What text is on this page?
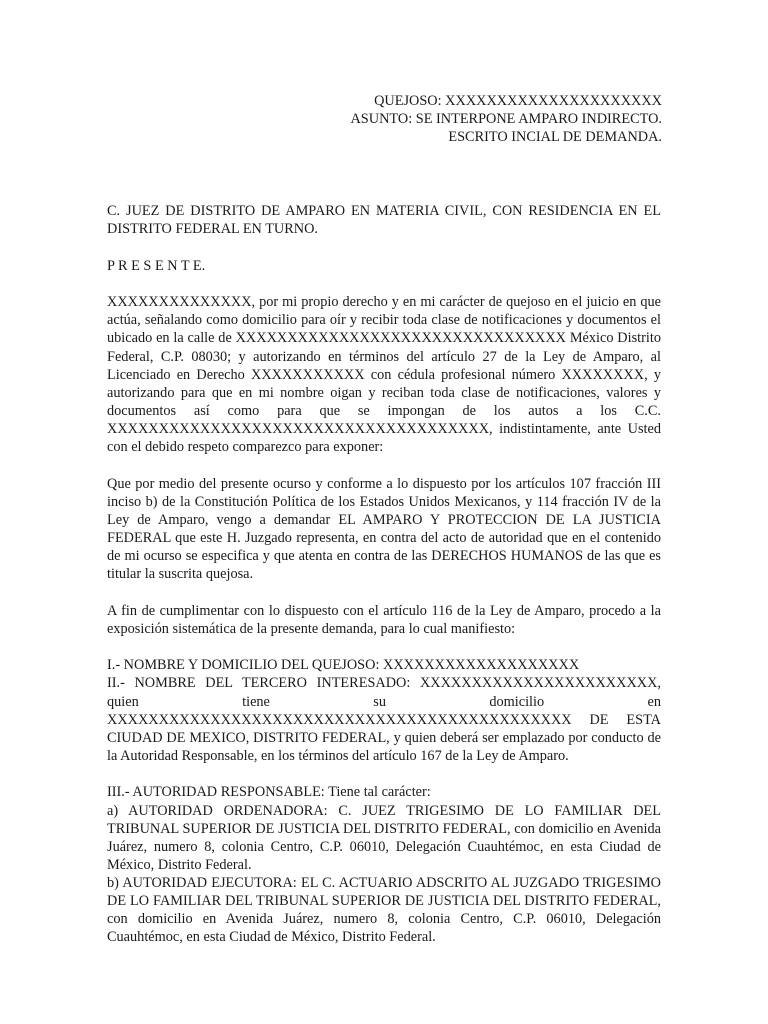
QUEJOSO: XXXXXXXXXXXXXXXXXXXXX
ASUNTO: SE INTERPONE AMPARO INDIRECTO.
ESCRITO INCIAL DE DEMANDA.

C. JUEZ DE DISTRITO DE AMPARO EN MATERIA CIVIL, CON RESIDENCIA EN EL DISTRITO FEDERAL EN TURNO.

P R E S E N T E.

XXXXXXXXXXXXXX, por mi propio derecho y en mi carácter de quejoso en el juicio en que actúa, señalando como domicilio para oír y recibir toda clase de notificaciones y documentos el ubicado en la calle de XXXXXXXXXXXXXXXXXXXXXXXXXXXXXXXX México Distrito Federal, C.P. 08030; y autorizando en términos del artículo 27 de la Ley de Amparo, al Licenciado en Derecho XXXXXXXXXXX con cédula profesional número XXXXXXXX, y autorizando para que en mi nombre oigan y reciban toda clase de notificaciones, valores y documentos así como para que se impongan de los autos a los C.C. XXXXXXXXXXXXXXXXXXXXXXXXXXXXXXXXXXXXX, indistintamente, ante Usted con el debido respeto comparezco para exponer:

Que por medio del presente ocurso y conforme a lo dispuesto por los artículos 107 fracción III inciso b) de la Constitución Política de los Estados Unidos Mexicanos, y 114 fracción IV de la Ley de Amparo, vengo a demandar EL AMPARO Y PROTECCION DE LA JUSTICIA FEDERAL que este H. Juzgado representa, en contra del acto de autoridad que en el contenido de mi ocurso se especifica y que atenta en contra de las DERECHOS HUMANOS de las que es titular la suscrita quejosa.

A fin de cumplimentar con lo dispuesto con el artículo 116 de la Ley de Amparo, procedo a la exposición sistemática de la presente demanda, para lo cual manifiesto:

I.- NOMBRE Y DOMICILIO DEL QUEJOSO: XXXXXXXXXXXXXXXXXXX

II.- NOMBRE DEL TERCERO INTERESADO: XXXXXXXXXXXXXXXXXXXXXXX, quien tiene su domicilio en XXXXXXXXXXXXXXXXXXXXXXXXXXXXXXXXXXXXXXXXXXXXX DE ESTA CIUDAD DE MEXICO, DISTRITO FEDERAL, y quien deberá ser emplazado por conducto de la Autoridad Responsable, en los términos del artículo 167 de la Ley de Amparo.

III.- AUTORIDAD RESPONSABLE: Tiene tal carácter:

a) AUTORIDAD ORDENADORA: C. JUEZ TRIGESIMO DE LO FAMILIAR DEL TRIBUNAL SUPERIOR DE JUSTICIA DEL DISTRITO FEDERAL, con domicilio en Avenida Juárez, numero 8, colonia Centro, C.P. 06010, Delegación Cuauhtémoc, en esta Ciudad de México, Distrito Federal.

b) AUTORIDAD EJECUTORA: EL C. ACTUARIO ADSCRITO AL JUZGADO TRIGESIMO DE LO FAMILIAR DEL TRIBUNAL SUPERIOR DE JUSTICIA DEL DISTRITO FEDERAL, con domicilio en Avenida Juárez, numero 8, colonia Centro, C.P. 06010, Delegación Cuauhtémoc, en esta Ciudad de México, Distrito Federal.
